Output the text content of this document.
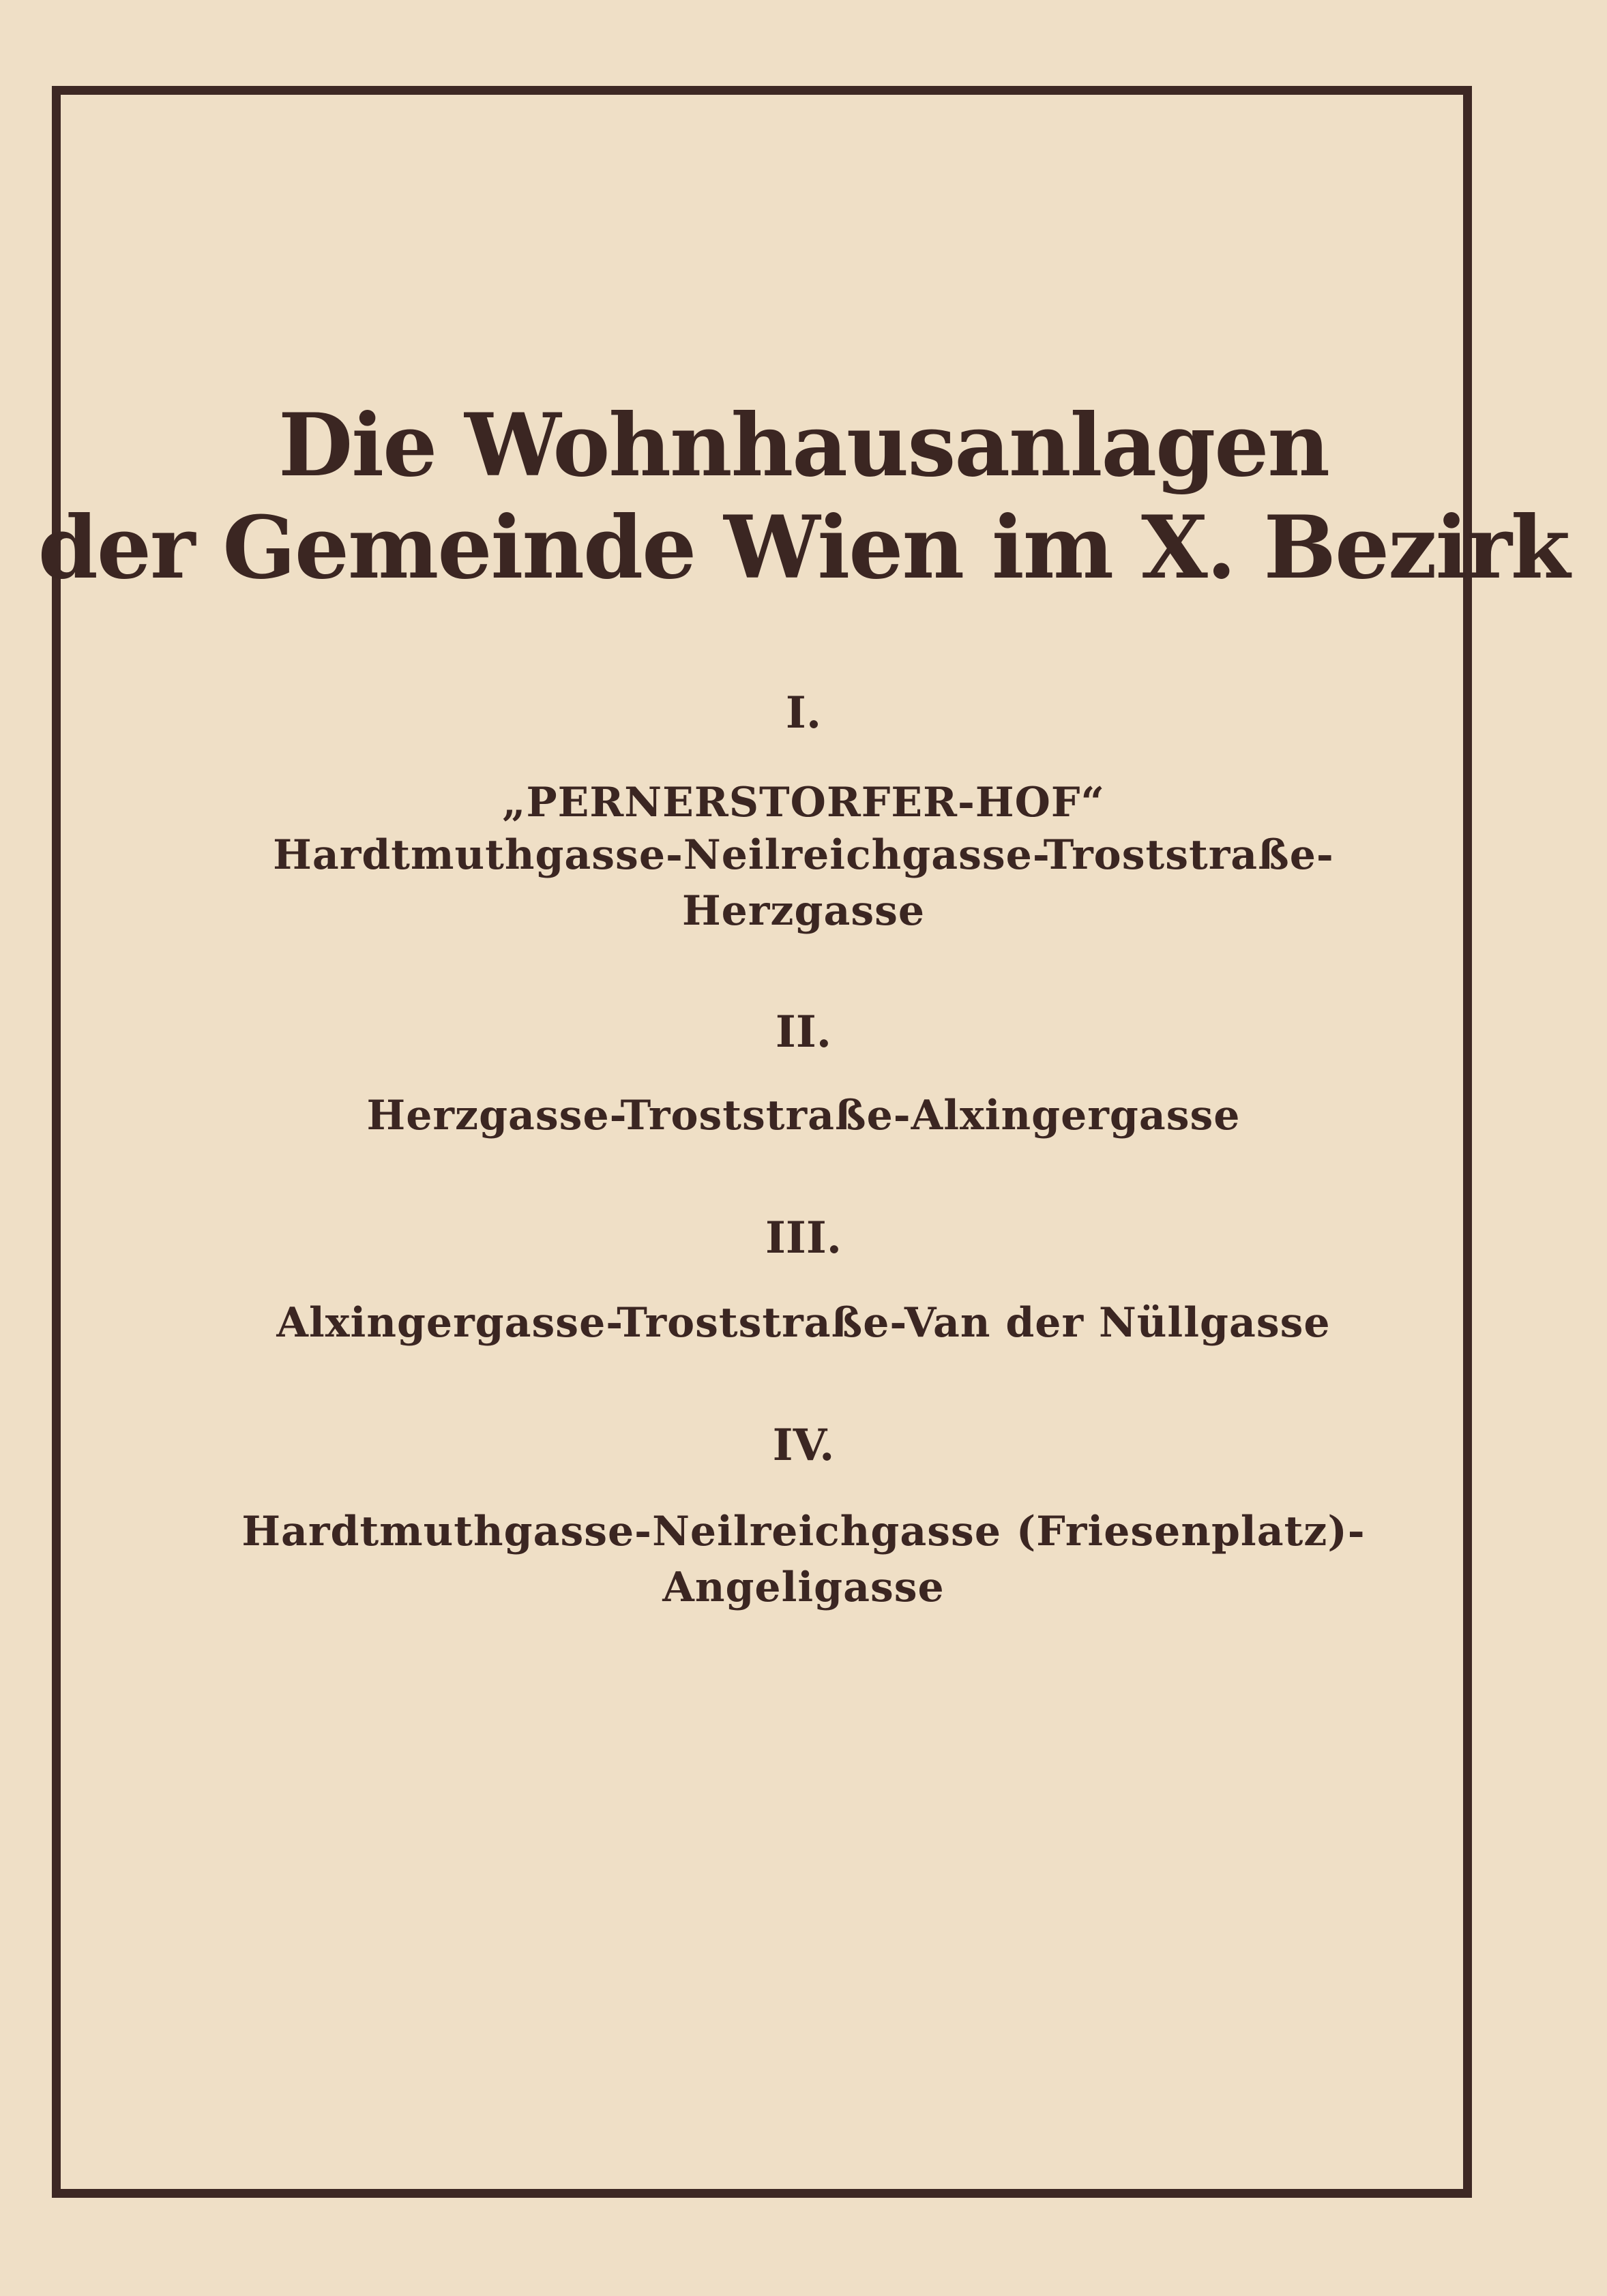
Die Wohnhausanlagen
der Gemeinde Wien im X. Bezirk
I.
„PERNERSTORFER-HOF“
Hardtmuthgasse-Neilreichgasse-Troststraße-
Herzgasse
II.
Herzgasse-Troststraße-Alxingergasse
III.
Alxingergasse-Troststraße-Van der Nüllgasse
IV.
Hardtmuthgasse-Neilreichgasse (Friesenplatz)-
Angeligasse
